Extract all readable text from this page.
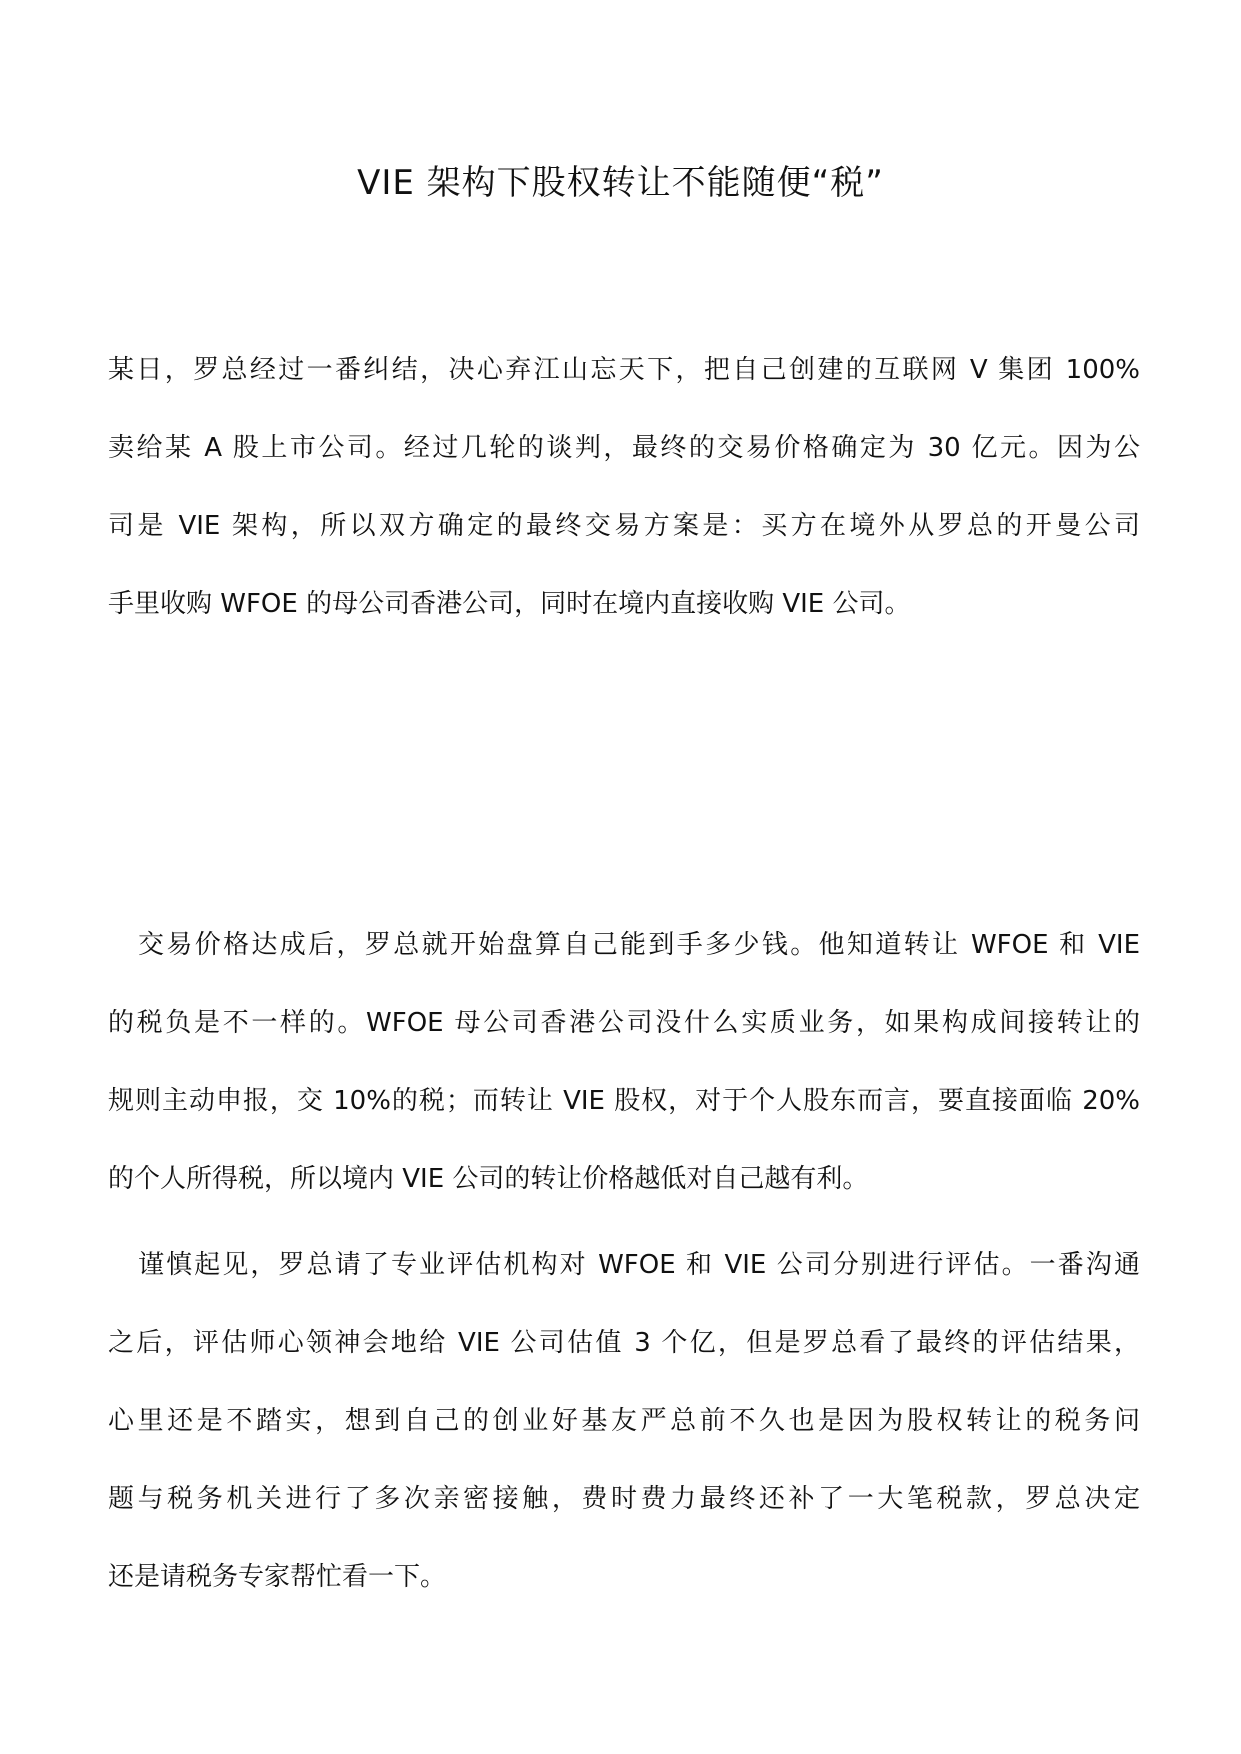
VIE 架构下股权转让不能随便“税”

某日，罗总经过一番纠结，决心弃江山忘天下，把自己创建的互联网 V 集团 100%
卖给某 A 股上市公司。经过几轮的谈判，最终的交易价格确定为 30 亿元。因为公
司是 VIE 架构，所以双方确定的最终交易方案是：买方在境外从罗总的开曼公司
手里收购 WFOE 的母公司香港公司，同时在境内直接收购 VIE 公司。

交易价格达成后，罗总就开始盘算自己能到手多少钱。他知道转让 WFOE 和 VIE
的税负是不一样的。WFOE 母公司香港公司没什么实质业务，如果构成间接转让的
规则主动申报，交 10%的税；而转让 VIE 股权，对于个人股东而言，要直接面临 20%
的个人所得税，所以境内 VIE 公司的转让价格越低对自己越有利。

谨慎起见，罗总请了专业评估机构对 WFOE 和 VIE 公司分别进行评估。一番沟通
之后，评估师心领神会地给 VIE 公司估值 3 个亿，但是罗总看了最终的评估结果，
心里还是不踏实，想到自己的创业好基友严总前不久也是因为股权转让的税务问
题与税务机关进行了多次亲密接触，费时费力最终还补了一大笔税款，罗总决定
还是请税务专家帮忙看一下。
